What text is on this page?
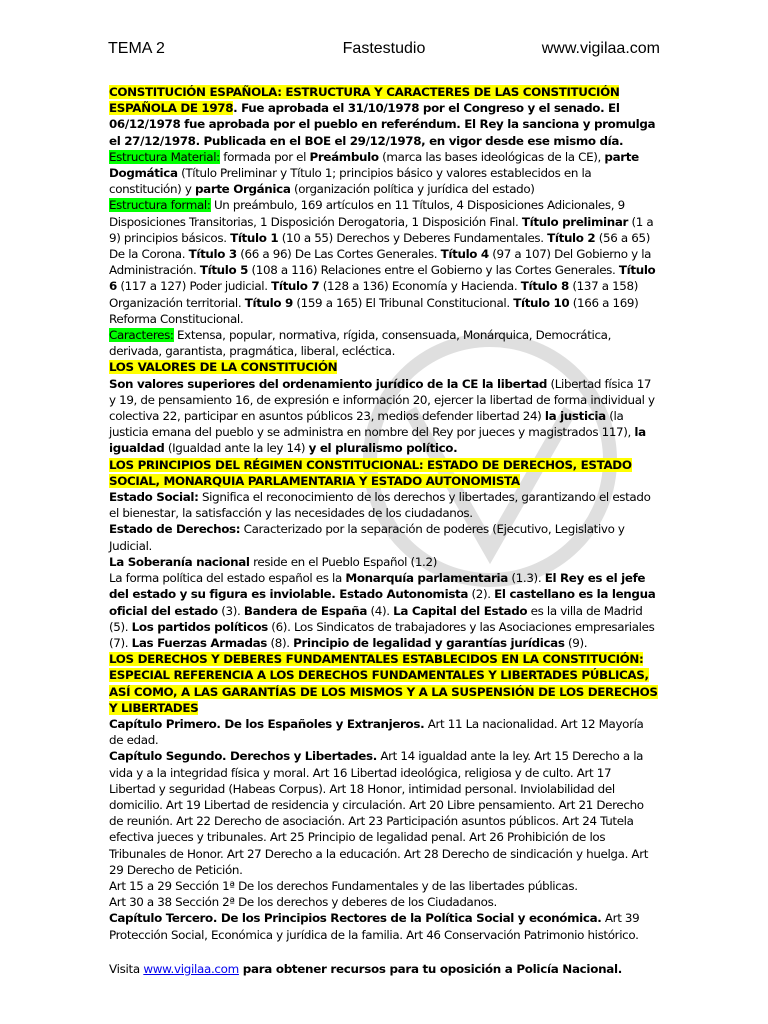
TEMA 2	Fastestudio	www.vigilaa.com

CONSTITUCIÓN ESPAÑOLA: ESTRUCTURA Y CARACTERES DE LAS CONSTITUCIÓN ESPAÑOLA DE 1978. Fue aprobada el 31/10/1978 por el Congreso y el senado. El 06/12/1978 fue aprobada por el pueblo en referéndum. El Rey la sanciona y promulga el 27/12/1978. Publicada en el BOE el 29/12/1978, en vigor desde ese mismo día.

Estructura Material: formada por el Preámbulo (marca las bases ideológicas de la CE), parte Dogmática (Título Preliminar y Título 1; principios básico y valores establecidos en la constitución) y parte Orgánica (organización política y jurídica del estado)

Estructura formal: Un preámbulo, 169 artículos en 11 Títulos, 4 Disposiciones Adicionales, 9 Disposiciones Transitorias, 1 Disposición Derogatoria, 1 Disposición Final. Título preliminar (1 a 9) principios básicos. Título 1 (10 a 55) Derechos y Deberes Fundamentales. Título 2 (56 a 65) De la Corona. Título 3 (66 a 96) De Las Cortes Generales. Título 4 (97 a 107) Del Gobierno y la Administración. Título 5 (108 a 116) Relaciones entre el Gobierno y las Cortes Generales. Título 6 (117 a 127) Poder judicial. Título 7 (128 a 136) Economía y Hacienda. Título 8 (137 a 158) Organización territorial. Título 9 (159 a 165) El Tribunal Constitucional. Título 10 (166 a 169) Reforma Constitucional.

Caracteres: Extensa, popular, normativa, rígida, consensuada, Monárquica, Democrática, derivada, garantista, pragmática, liberal, ecléctica.

LOS VALORES DE LA CONSTITUCIÓN

Son valores superiores del ordenamiento jurídico de la CE la libertad (Libertad física 17 y 19, de pensamiento 16, de expresión e información 20, ejercer la libertad de forma individual y colectiva 22, participar en asuntos públicos 23, medios defender libertad 24) la justicia (la justicia emana del pueblo y se administra en nombre del Rey por jueces y magistrados 117), la igualdad (Igualdad ante la ley 14) y el pluralismo político.

LOS PRINCIPIOS DEL RÉGIMEN CONSTITUCIONAL: ESTADO DE DERECHOS, ESTADO SOCIAL, MONARQUIA PARLAMENTARIA Y ESTADO AUTONOMISTA

Estado Social: Significa el reconocimiento de los derechos y libertades, garantizando el estado el bienestar, la satisfacción y las necesidades de los ciudadanos.

Estado de Derechos: Caracterizado por la separación de poderes (Ejecutivo, Legislativo y Judicial.

La Soberanía nacional reside en el Pueblo Español (1.2)

La forma política del estado español es la Monarquía parlamentaria (1.3). El Rey es el jefe del estado y su figura es inviolable. Estado Autonomista (2). El castellano es la lengua oficial del estado (3). Bandera de España (4). La Capital del Estado es la villa de Madrid (5). Los partidos políticos (6). Los Sindicatos de trabajadores y las Asociaciones empresariales (7). Las Fuerzas Armadas (8). Principio de legalidad y garantías jurídicas (9).

LOS DERECHOS Y DEBERES FUNDAMENTALES ESTABLECIDOS EN LA CONSTITUCIÓN: ESPECIAL REFERENCIA A LOS DERECHOS FUNDAMENTALES Y LIBERTADES PÚBLICAS, ASÍ COMO, A LAS GARANTÍAS DE LOS MISMOS Y A LA SUSPENSIÓN DE LOS DERECHOS Y LIBERTADES

Capítulo Primero. De los Españoles y Extranjeros. Art 11 La nacionalidad. Art 12 Mayoría de edad.

Capítulo Segundo. Derechos y Libertades. Art 14 igualdad ante la ley. Art 15 Derecho a la vida y a la integridad física y moral. Art 16 Libertad ideológica, religiosa y de culto. Art 17 Libertad y seguridad (Habeas Corpus). Art 18 Honor, intimidad personal. Inviolabilidad del domicilio. Art 19 Libertad de residencia y circulación. Art 20 Libre pensamiento. Art 21 Derecho de reunión. Art 22 Derecho de asociación. Art 23 Participación asuntos públicos. Art 24 Tutela efectiva jueces y tribunales. Art 25 Principio de legalidad penal. Art 26 Prohibición de los Tribunales de Honor. Art 27 Derecho a la educación. Art 28 Derecho de sindicación y huelga. Art 29 Derecho de Petición.

Art 15 a 29 Sección 1ª De los derechos Fundamentales y de las libertades públicas.

Art 30 a 38 Sección 2ª De los derechos y deberes de los Ciudadanos.

Capítulo Tercero. De los Principios Rectores de la Política Social y económica. Art 39 Protección Social, Económica y jurídica de la familia. Art 46 Conservación Patrimonio histórico.

Visita www.vigilaa.com para obtener recursos para tu oposición a Policía Nacional.
